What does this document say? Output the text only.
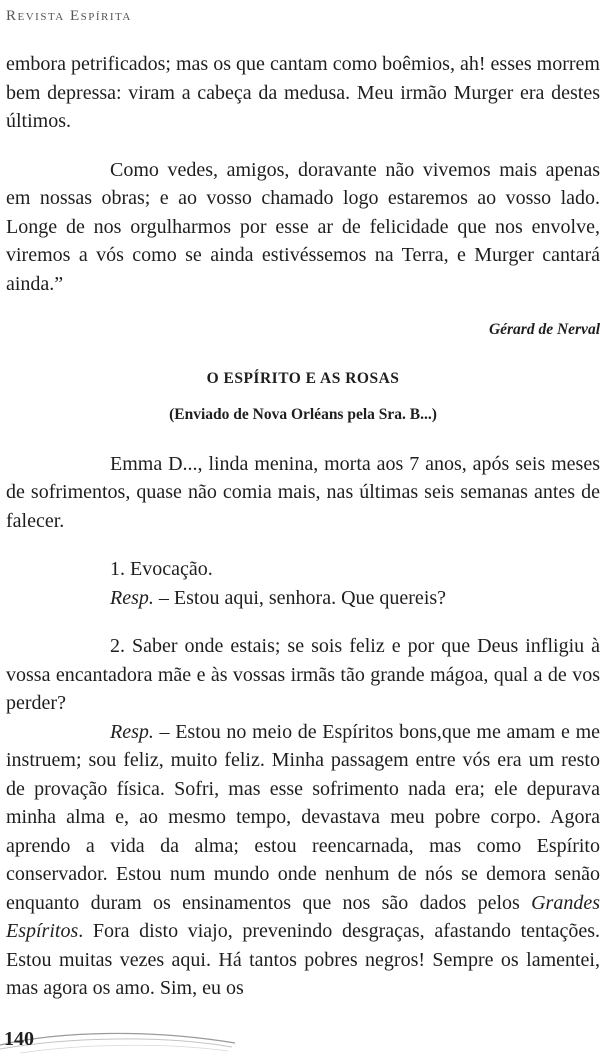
Revista Espírita

embora petrificados; mas os que cantam como boêmios, ah! esses morrem bem depressa: viram a cabeça da medusa. Meu irmão Murger era destes últimos.

Como vedes, amigos, doravante não vivemos mais apenas em nossas obras; e ao vosso chamado logo estaremos ao vosso lado. Longe de nos orgulharmos por esse ar de felicidade que nos envolve, viremos a vós como se ainda estivéssemos na Terra, e Murger cantará ainda.”

Gérard de Nerval

O ESPÍRITO E AS ROSAS

(Enviado de Nova Orléans pela Sra. B...)

Emma D..., linda menina, morta aos 7 anos, após seis meses de sofrimentos, quase não comia mais, nas últimas seis semanas antes de falecer.

1. Evocação.

Resp. – Estou aqui, senhora. Que quereis?

2. Saber onde estais; se sois feliz e por que Deus infligiu à vossa encantadora mãe e às vossas irmãs tão grande mágoa, qual a de vos perder?

Resp. – Estou no meio de Espíritos bons,que me amam e me instruem; sou feliz, muito feliz. Minha passagem entre vós era um resto de provação física. Sofri, mas esse sofrimento nada era; ele depurava minha alma e, ao mesmo tempo, devastava meu pobre corpo. Agora aprendo a vida da alma; estou reencarnada, mas como Espírito conservador. Estou num mundo onde nenhum de nós se demora senão enquanto duram os ensinamentos que nos são dados pelos Grandes Espíritos. Fora disto viajo, prevenindo desgraças, afastando tentações. Estou muitas vezes aqui. Há tantos pobres negros! Sempre os lamentei, mas agora os amo. Sim, eu os

140
